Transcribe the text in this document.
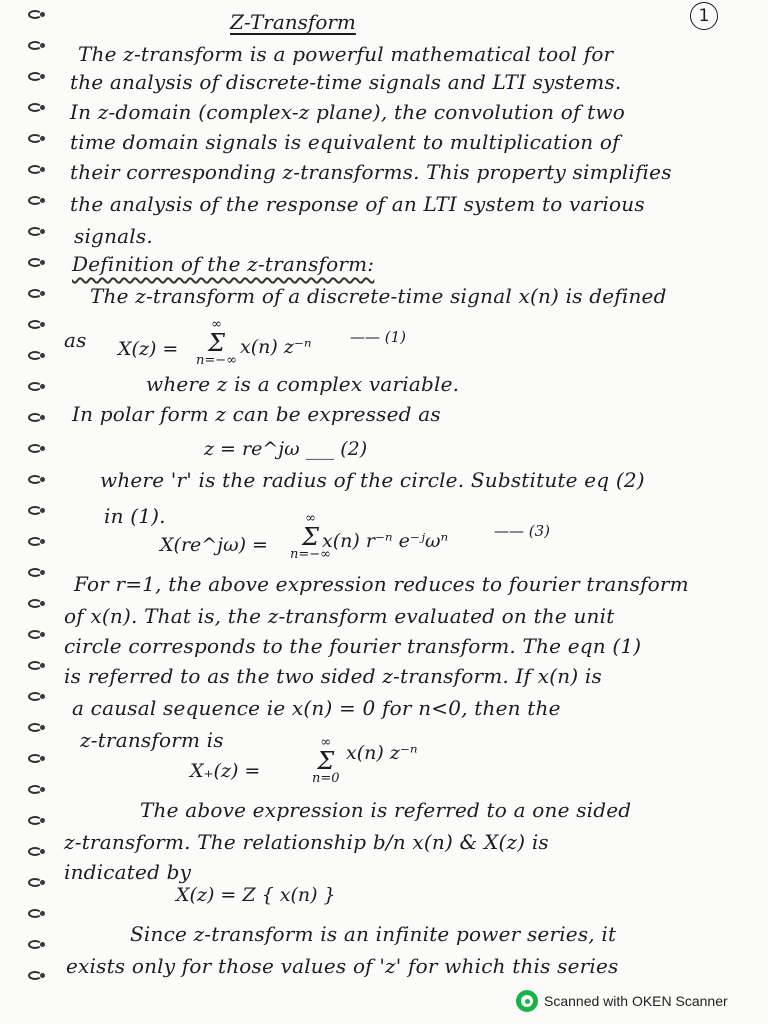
1
Z-Transform

The z-transform is a powerful mathematical tool for

the analysis of discrete-time signals and LTI systems.

In z-domain (complex-z plane), the convolution of two

time domain signals is equivalent to multiplication of

their corresponding z-transforms. This property simplifies

the analysis of the response of an LTI system to various

signals.

Definition of the z-transform:

The z-transform of a discrete-time signal x(n) is defined

as X(z) =
∞
Σ
n=−∞
x(n) z⁻ⁿ	—— (1)

where z is a complex variable.

In polar form z can be expressed as

z = re^jω ___ (2)

where 'r' is the radius of the circle. Substitute eq (2)

in (1).

X(re^jω) =
∞
Σ
n=−∞
x(n) r⁻ⁿ e⁻ʲωⁿ	—— (3)

For r=1, the above expression reduces to fourier transform

of x(n). That is, the z-transform evaluated on the unit

circle corresponds to the fourier transform. The eqn (1)

is referred to as the two sided z-transform. If x(n) is

a causal sequence ie x(n) = 0 for n<0, then the

z-transform is

X₊(z) =
∞
Σ
n=0
x(n) z⁻ⁿ

The above expression is referred to a one sided

z-transform. The relationship b/n x(n) & X(z) is

indicated by

X(z) = Z { x(n) }

Since z-transform is an infinite power series, it

exists only for those values of 'z' for which this series

Scanned with OKEN Scanner
